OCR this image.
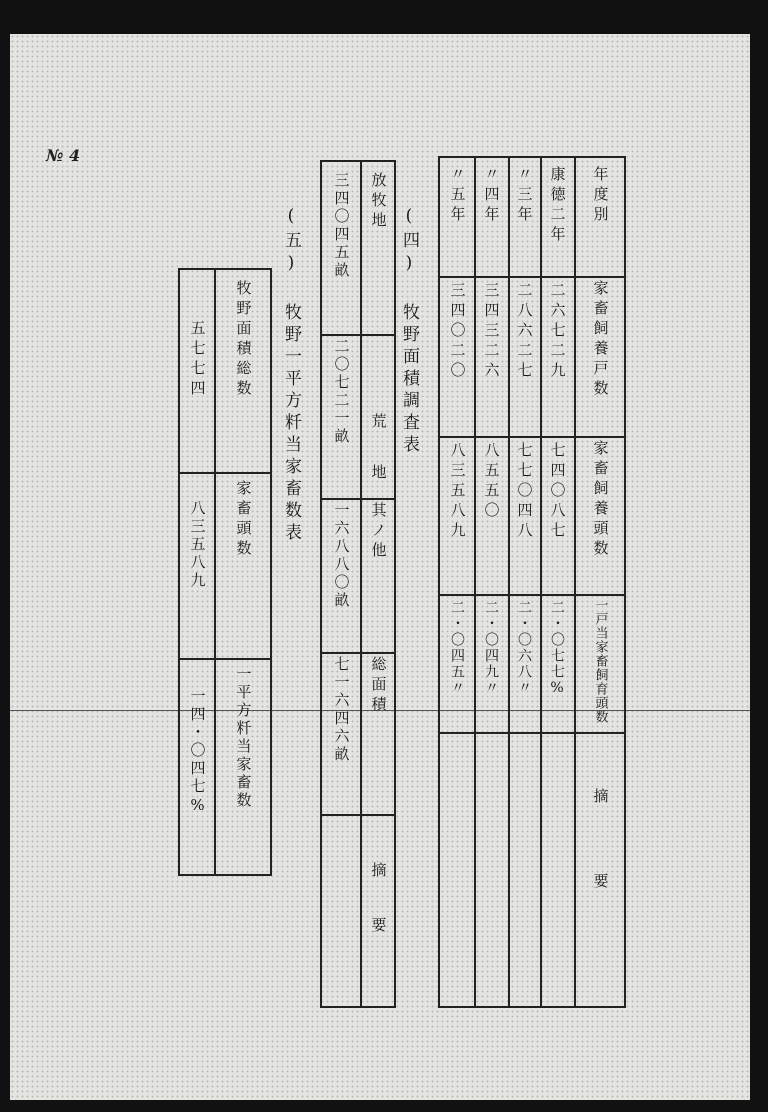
№ 4
年度別
家畜飼養戸数
家畜飼養頭数
一戸当家畜飼育頭数
摘要
康徳二年
〃三年
〃四年
〃五年
二六七二九
二八六二七
三四三二六
三四〇二〇
七四〇八七
七七〇四八
八五五〇
八三五八九
二・〇七七%
二・〇六八〃
二・〇四九〃
二・〇四五〃
(四) 牧野面積調査表
放牧地
荒地
其ノ他
総面積
摘要
三四〇四五畝
二〇七二一畝
一六八八〇畝
七一六四六畝
(五) 牧野一平方粁当家畜数表
牧野面積総数
家畜頭数
一平方粁当家畜数
五七七四
八三五八九
一四・〇四七%
